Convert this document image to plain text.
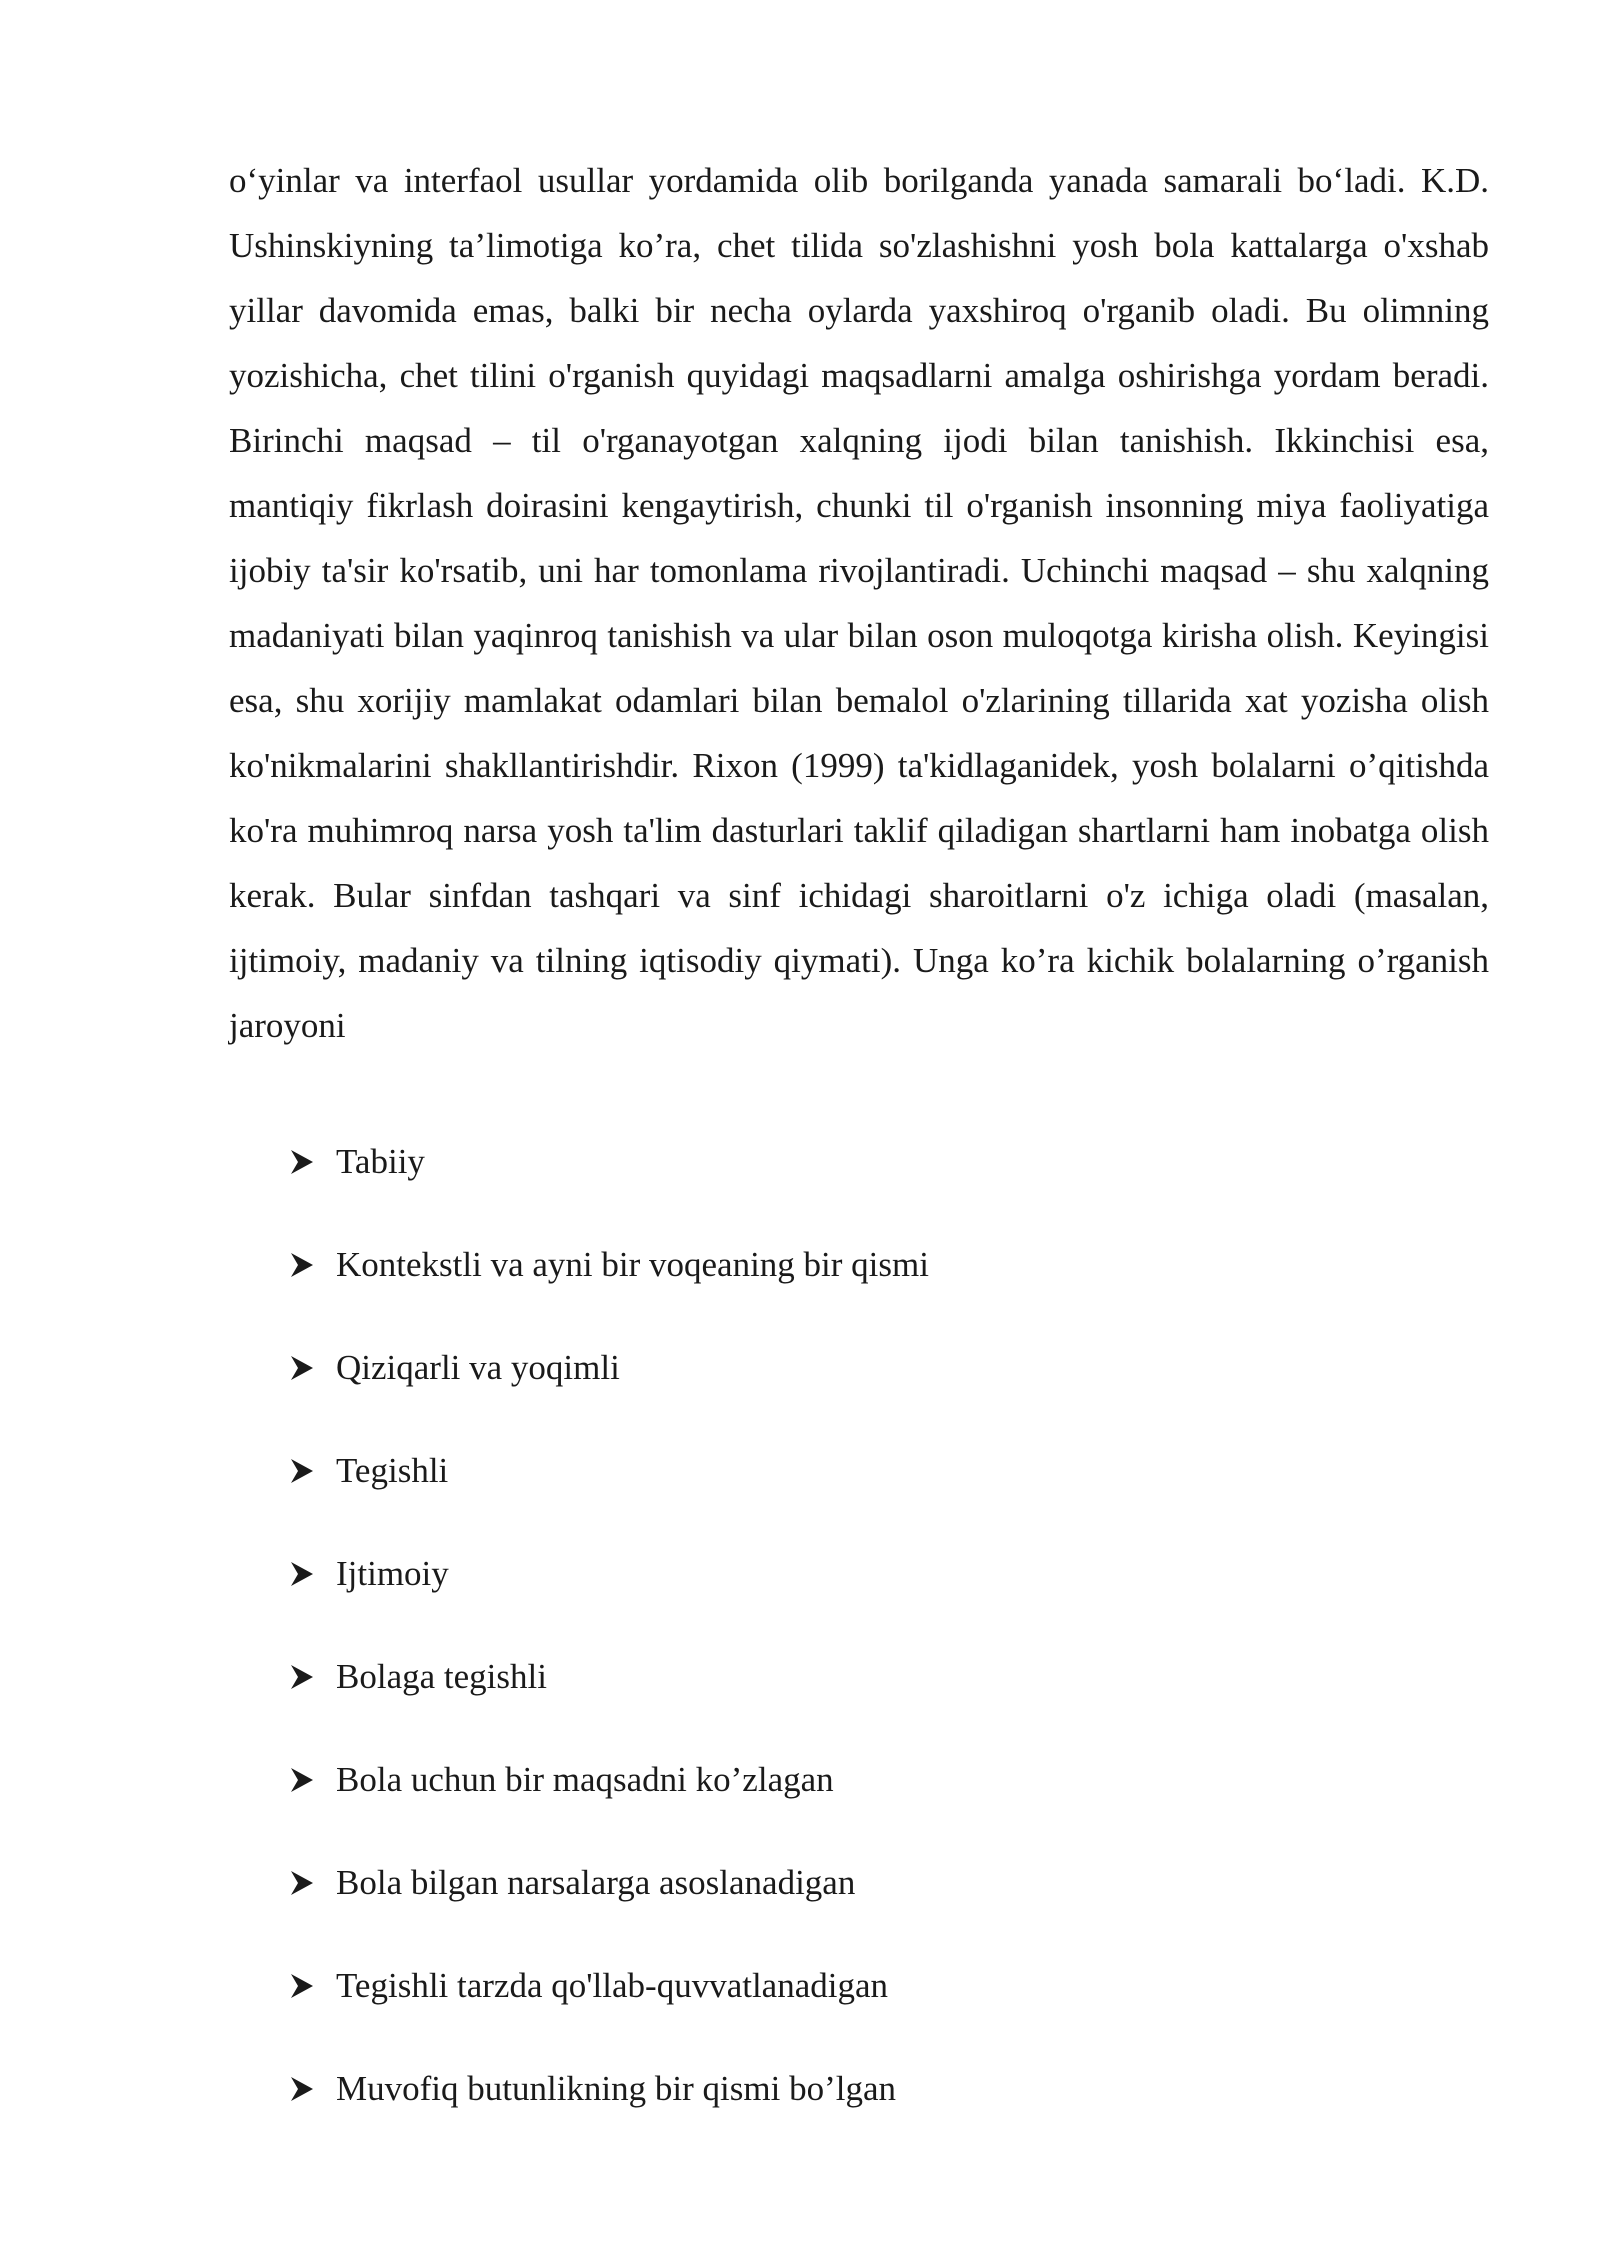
o‘yinlar va interfaol usullar yordamida olib borilganda yanada samarali bo‘ladi. K.D. Ushinskiyning ta’limotiga ko’ra, chet tilida so'zlashishni yosh bola kattalarga o'xshab yillar davomida emas, balki bir necha oylarda yaxshiroq o'rganib oladi. Bu olimning yozishicha, chet tilini o'rganish quyidagi maqsadlarni amalga oshirishga yordam beradi. Birinchi maqsad – til o'rganayotgan xalqning ijodi bilan tanishish. Ikkinchisi esa, mantiqiy fikrlash doirasini kengaytirish, chunki til o'rganish insonning miya faoliyatiga ijobiy ta'sir ko'rsatib, uni har tomonlama rivojlantiradi. Uchinchi maqsad – shu xalqning madaniyati bilan yaqinroq tanishish va ular bilan oson muloqotga kirisha olish. Keyingisi esa, shu xorijiy mamlakat odamlari bilan bemalol o'zlarining tillarida xat yozisha olish ko'nikmalarini shakllantirishdir. Rixon (1999) ta'kidlaganidek, yosh bolalarni o’qitishda ko'ra muhimroq narsa yosh ta'lim dasturlari taklif qiladigan shartlarni ham inobatga olish kerak. Bular sinfdan tashqari va sinf ichidagi sharoitlarni o'z ichiga oladi (masalan, ijtimoiy, madaniy va tilning iqtisodiy qiymati). Unga ko’ra kichik bolalarning o’rganish jaroyoni

Tabiiy
Kontekstli va ayni bir voqeaning bir qismi
Qiziqarli va yoqimli
Tegishli
Ijtimoiy
Bolaga tegishli
Bola uchun bir maqsadni ko’zlagan
Bola bilgan narsalarga asoslanadigan
Tegishli tarzda qo'llab-quvvatlanadigan
Muvofiq butunlikning bir qismi bo’lgan
